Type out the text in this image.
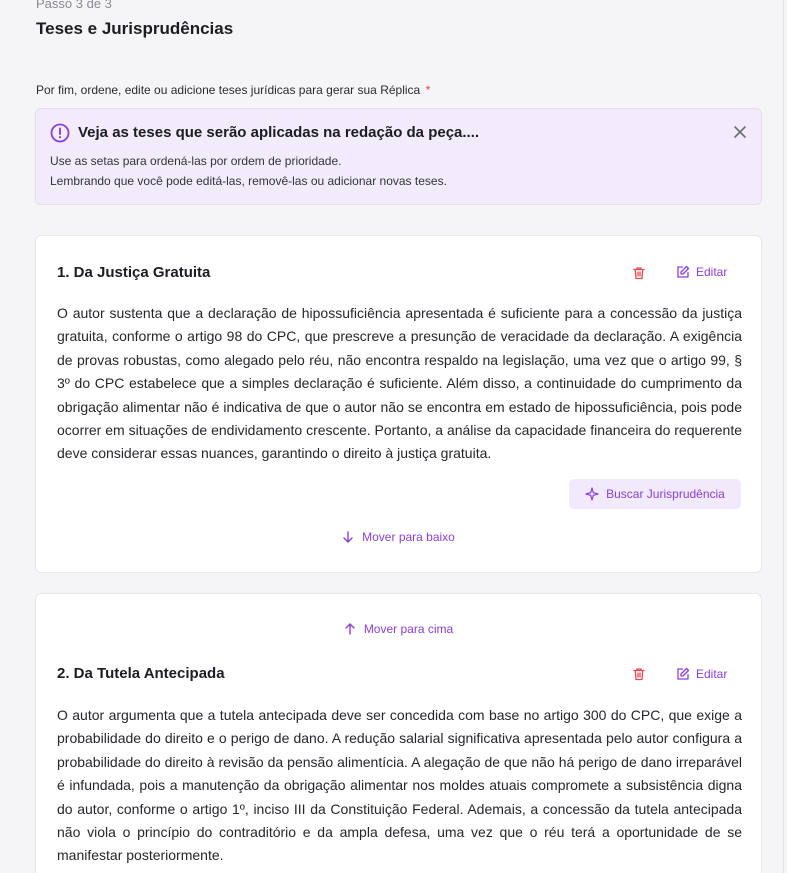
Passo 3 de 3
Teses e Jurisprudências
Por fim, ordene, edite ou adicione teses jurídicas para gerar sua Réplica *
Veja as teses que serão aplicadas na redação da peça....
Use as setas para ordená-las por ordem de prioridade.
Lembrando que você pode editá-las, removê-las ou adicionar novas teses.
1. Da Justiça Gratuita	Editar
O autor sustenta que a declaração de hipossuficiência apresentada é suficiente para a concessão da justiça gratuita, conforme o artigo 98 do CPC, que prescreve a presunção de veracidade da declaração. A exigência de provas robustas, como alegado pelo réu, não encontra respaldo na legislação, uma vez que o artigo 99, § 3º do CPC estabelece que a simples declaração é suficiente. Além disso, a continuidade do cumprimento da obrigação alimentar não é indicativa de que o autor não se encontra em estado de hipossuficiência, pois pode ocorrer em situações de endividamento crescente. Portanto, a análise da capacidade financeira do requerente deve considerar essas nuances, garantindo o direito à justiça gratuita.
Buscar Jurisprudência
Mover para baixo
Mover para cima
2. Da Tutela Antecipada	Editar
O autor argumenta que a tutela antecipada deve ser concedida com base no artigo 300 do CPC, que exige a probabilidade do direito e o perigo de dano. A redução salarial significativa apresentada pelo autor configura a probabilidade do direito à revisão da pensão alimentícia. A alegação de que não há perigo de dano irreparável é infundada, pois a manutenção da obrigação alimentar nos moldes atuais compromete a subsistência digna do autor, conforme o artigo 1º, inciso III da Constituição Federal. Ademais, a concessão da tutela antecipada não viola o princípio do contraditório e da ampla defesa, uma vez que o réu terá a oportunidade de se manifestar posteriormente.
